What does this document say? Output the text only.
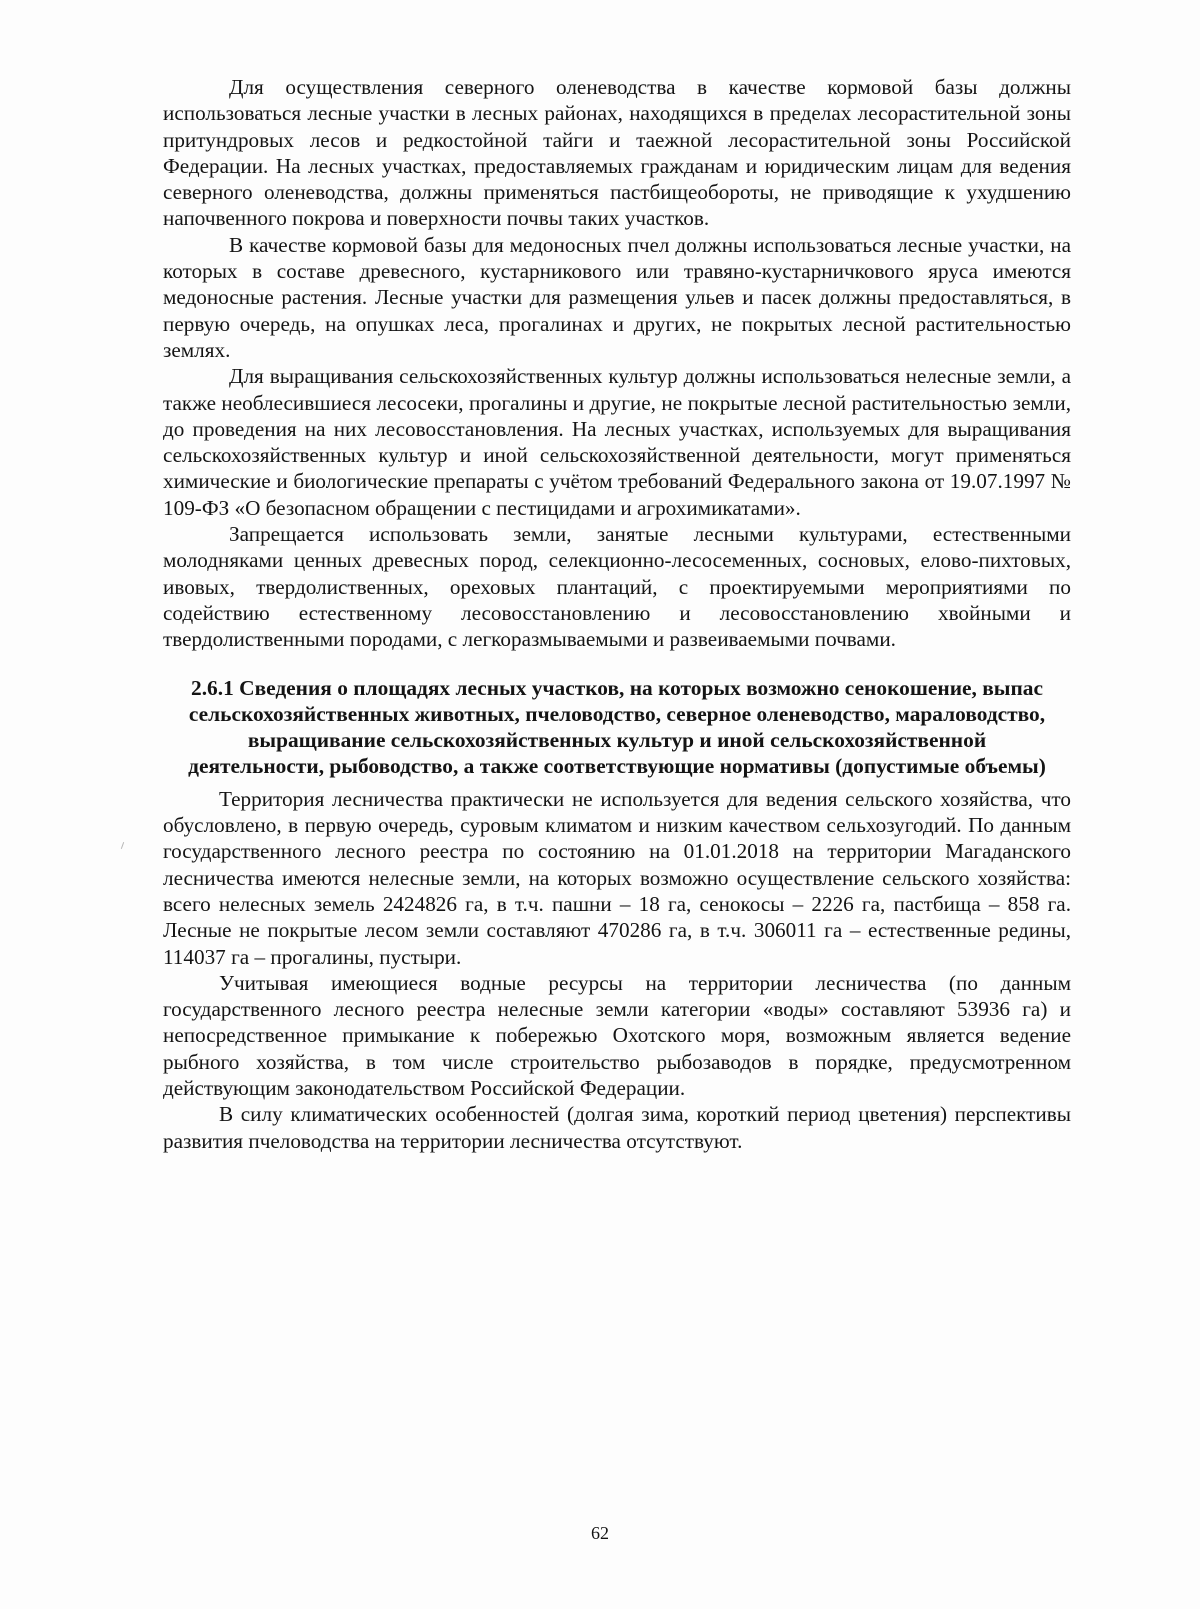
Для осуществления северного оленеводства в качестве кормовой базы должны использоваться лесные участки в лесных районах, находящихся в пределах лесорастительной зоны притундровых лесов и редкостойной тайги и таежной лесорастительной зоны Российской Федерации. На лесных участках, предоставляемых гражданам и юридическим лицам для ведения северного оленеводства, должны применяться пастбищеобороты, не приводящие к ухудшению напочвенного покрова и поверхности почвы таких участков.

В качестве кормовой базы для медоносных пчел должны использоваться лесные участки, на которых в составе древесного, кустарникового или травяно-кустарничкового яруса имеются медоносные растения. Лесные участки для размещения ульев и пасек должны предоставляться, в первую очередь, на опушках леса, прогалинах и других, не покрытых лесной растительностью землях.

Для выращивания сельскохозяйственных культур должны использоваться нелесные земли, а также необлесившиеся лесосеки, прогалины и другие, не покрытые лесной растительностью земли, до проведения на них лесовосстановления. На лесных участках, используемых для выращивания сельскохозяйственных культур и иной сельскохозяйственной деятельности, могут применяться химические и биологические препараты с учётом требований Федерального закона от 19.07.1997 № 109-ФЗ «О безопасном обращении с пестицидами и агрохимикатами».

Запрещается использовать земли, занятые лесными культурами, естественными молодняками ценных древесных пород, селекционно-лесосеменных, сосновых, елово-пихтовых, ивовых, твердолиственных, ореховых плантаций, с проектируемыми мероприятиями по содействию естественному лесовосстановлению и лесовосстановлению хвойными и твердолиственными породами, с легкоразмываемыми и развеиваемыми почвами.

2.6.1 Сведения о площадях лесных участков, на которых возможно сенокошение, выпас сельскохозяйственных животных, пчеловодство, северное оленеводство, мараловодство, выращивание сельскохозяйственных культур и иной сельскохозяйственной деятельности, рыбоводство, а также соответствующие нормативы (допустимые объемы)

Территория лесничества практически не используется для ведения сельского хозяйства, что обусловлено, в первую очередь, суровым климатом и низким качеством сельхозугодий. По данным государственного лесного реестра по состоянию на 01.01.2018 на территории Магаданского лесничества имеются нелесные земли, на которых возможно осуществление сельского хозяйства: всего нелесных земель 2424826 га, в т.ч. пашни – 18 га, сенокосы – 2226 га, пастбища – 858 га. Лесные не покрытые лесом земли составляют 470286 га, в т.ч. 306011 га – естественные редины, 114037 га – прогалины, пустыри.

Учитывая имеющиеся водные ресурсы на территории лесничества (по данным государственного лесного реестра нелесные земли категории «воды» составляют 53936 га) и непосредственное примыкание к побережью Охотского моря, возможным является ведение рыбного хозяйства, в том числе строительство рыбозаводов в порядке, предусмотренном действующим законодательством Российской Федерации.

В силу климатических особенностей (долгая зима, короткий период цветения) перспективы развития пчеловодства на территории лесничества отсутствуют.

62
